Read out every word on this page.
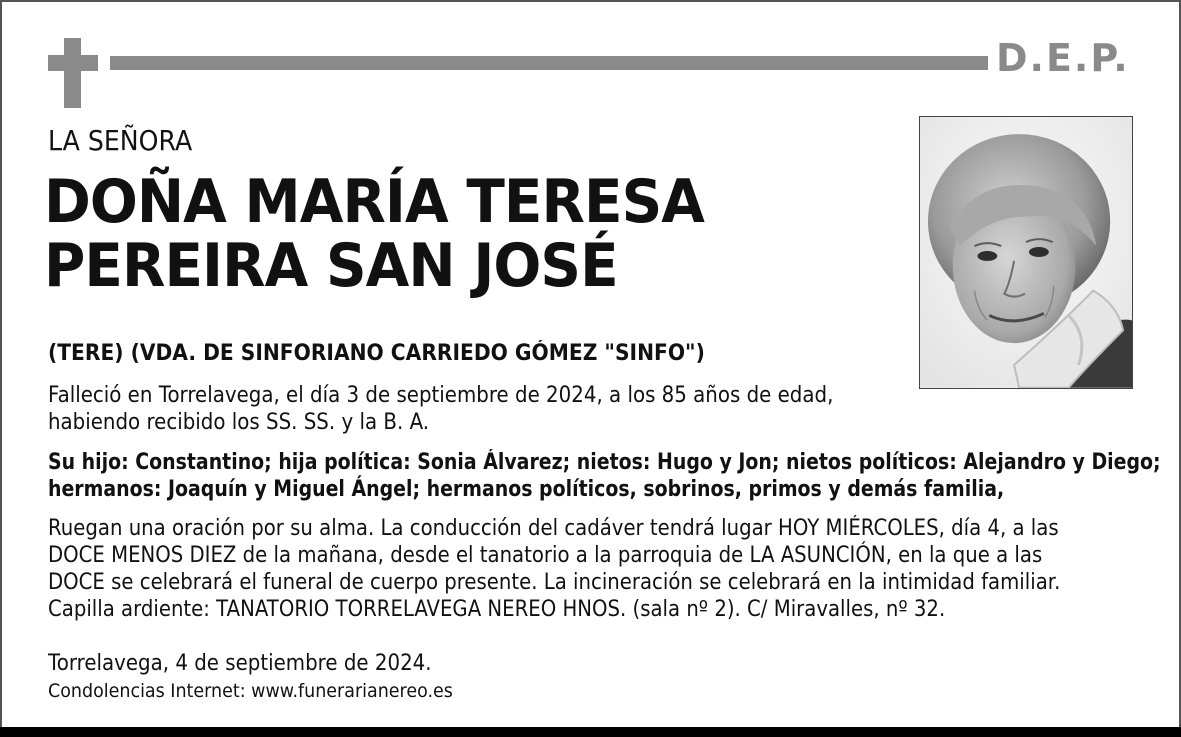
D.E.P.
LA SEÑORA
DOÑA MARÍA TERESA
PEREIRA SAN JOSÉ
(TERE) (VDA. DE SINFORIANO CARRIEDO GÓMEZ "SINFO")
Falleció en Torrelavega, el día 3 de septiembre de 2024, a los 85 años de edad,
habiendo recibido los SS. SS. y la B. A.
Su hijo: Constantino; hija política: Sonia Álvarez; nietos: Hugo y Jon; nietos políticos: Alejandro y Diego;
hermanos: Joaquín y Miguel Ángel; hermanos políticos, sobrinos, primos y demás familia,
Ruegan una oración por su alma. La conducción del cadáver tendrá lugar HOY MIÉRCOLES, día 4, a las
DOCE MENOS DIEZ de la mañana, desde el tanatorio a la parroquia de LA ASUNCIÓN, en la que a las
DOCE se celebrará el funeral de cuerpo presente. La incineración se celebrará en la intimidad familiar.
Capilla ardiente: TANATORIO TORRELAVEGA NEREO HNOS. (sala nº 2). C/ Miravalles, nº 32.
Torrelavega, 4 de septiembre de 2024.
Condolencias Internet: www.funerarianereo.es
